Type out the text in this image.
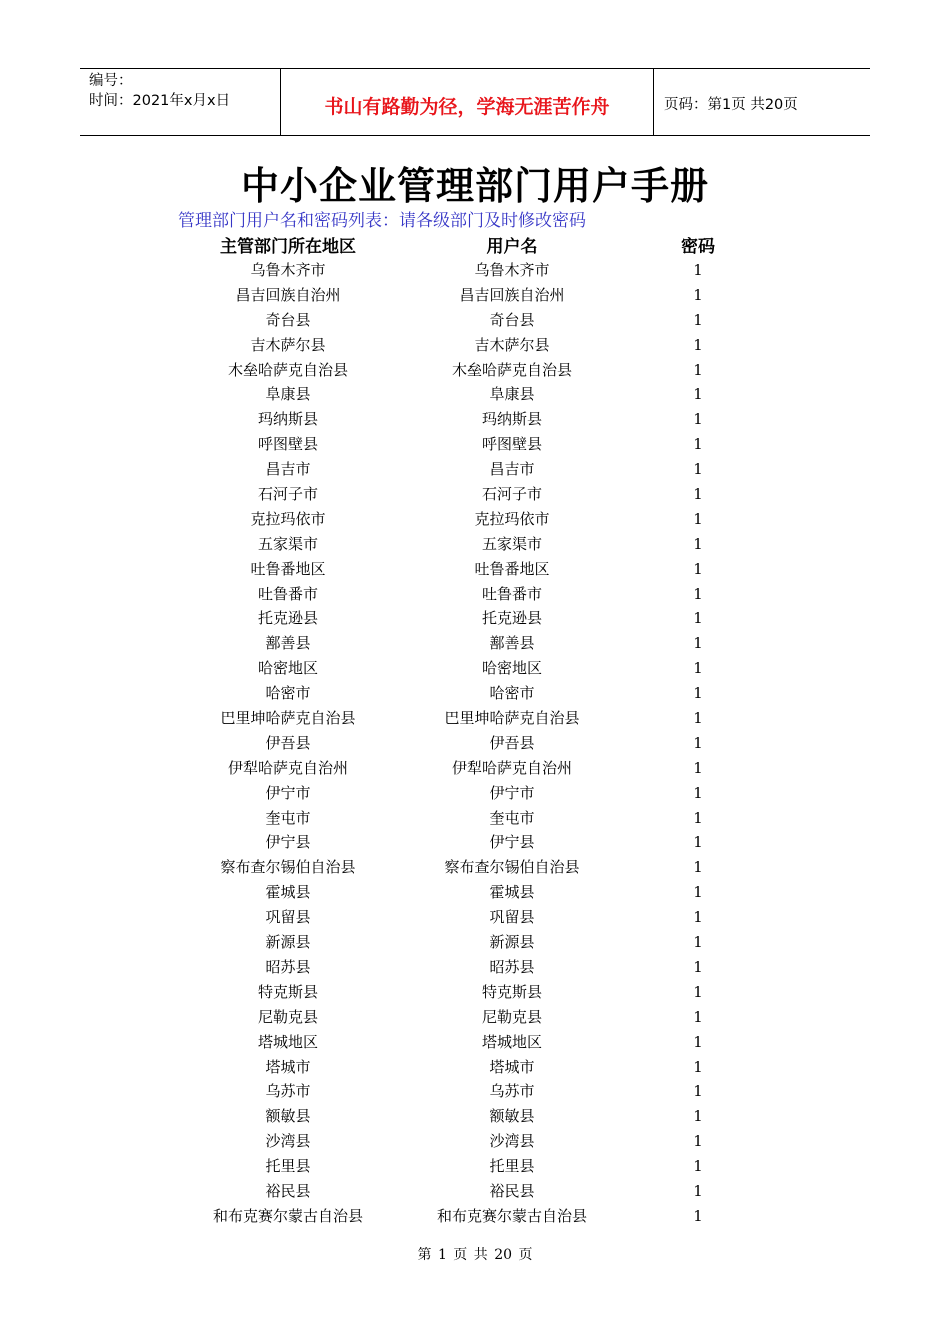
编号：
时间：2021年x月x日	书山有路勤为径，学海无涯苦作舟	页码：第1页 共20页
中小企业管理部门用户手册
管理部门用户名和密码列表：请各级部门及时修改密码
主管部门所在地区	用户名	密码
乌鲁木齐市	乌鲁木齐市	1
昌吉回族自治州	昌吉回族自治州	1
奇台县	奇台县	1
吉木萨尔县	吉木萨尔县	1
木垒哈萨克自治县	木垒哈萨克自治县	1
阜康县	阜康县	1
玛纳斯县	玛纳斯县	1
呼图壁县	呼图壁县	1
昌吉市	昌吉市	1
石河子市	石河子市	1
克拉玛依市	克拉玛依市	1
五家渠市	五家渠市	1
吐鲁番地区	吐鲁番地区	1
吐鲁番市	吐鲁番市	1
托克逊县	托克逊县	1
鄯善县	鄯善县	1
哈密地区	哈密地区	1
哈密市	哈密市	1
巴里坤哈萨克自治县	巴里坤哈萨克自治县	1
伊吾县	伊吾县	1
伊犁哈萨克自治州	伊犁哈萨克自治州	1
伊宁市	伊宁市	1
奎屯市	奎屯市	1
伊宁县	伊宁县	1
察布查尔锡伯自治县	察布查尔锡伯自治县	1
霍城县	霍城县	1
巩留县	巩留县	1
新源县	新源县	1
昭苏县	昭苏县	1
特克斯县	特克斯县	1
尼勒克县	尼勒克县	1
塔城地区	塔城地区	1
塔城市	塔城市	1
乌苏市	乌苏市	1
额敏县	额敏县	1
沙湾县	沙湾县	1
托里县	托里县	1
裕民县	裕民县	1
和布克赛尔蒙古自治县	和布克赛尔蒙古自治县	1
第 1 页 共 20 页
